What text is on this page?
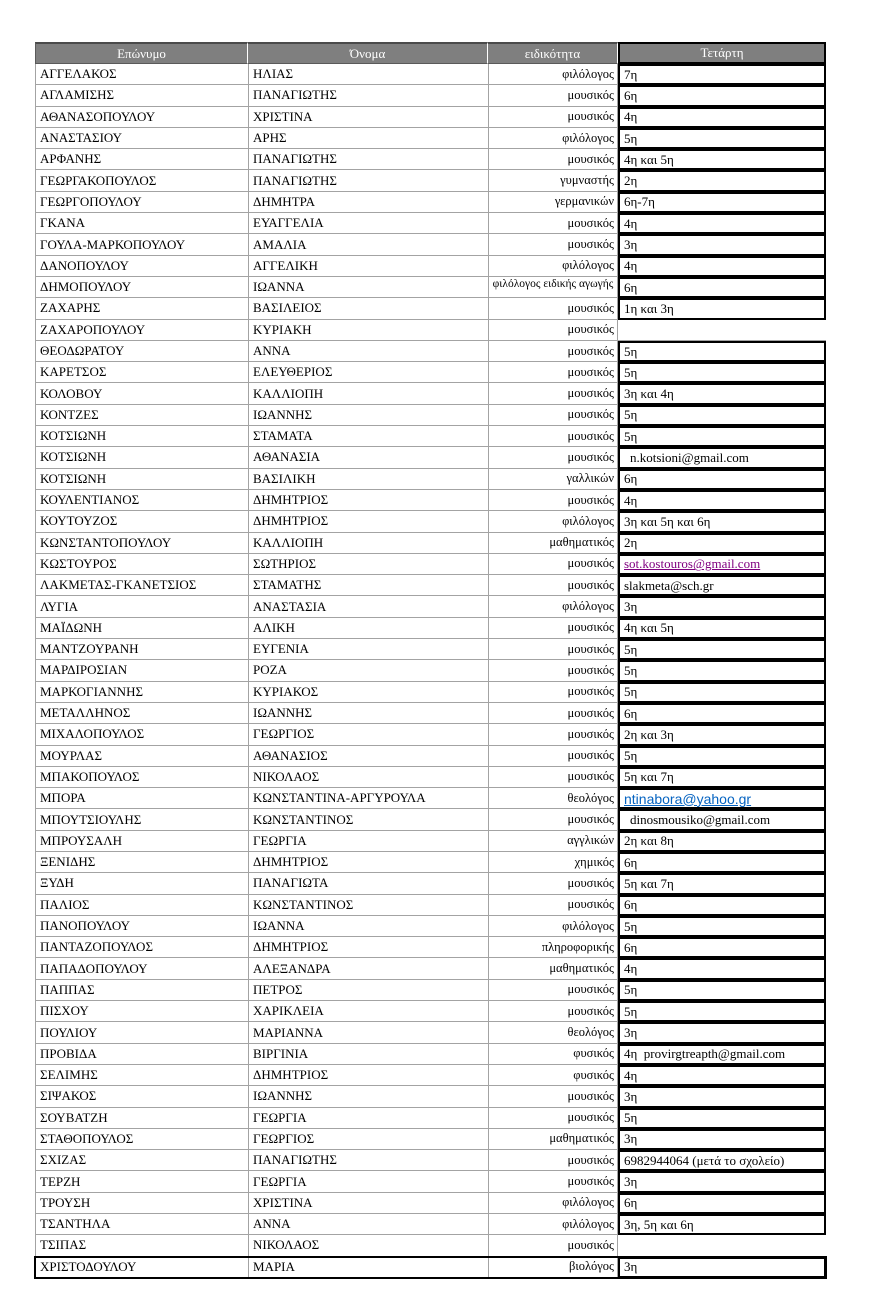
Επώνυμο	Όνομα	ειδικότητα	Τετάρτη
ΑΓΓΕΛΑΚΟΣ	ΗΛΙΑΣ	φιλόλογος 7η
ΑΓΛΑΜΙΣΗΣ	ΠΑΝΑΓΙΩΤΗΣ	μουσικός 6η
ΑΘΑΝΑΣΟΠΟΥΛΟΥ	ΧΡΙΣΤΙΝΑ	μουσικός 4η
ΑΝΑΣΤΑΣΙΟΥ	ΑΡΗΣ	φιλόλογος 5η
ΑΡΦΑΝΗΣ	ΠΑΝΑΓΙΩΤΗΣ	μουσικός 4η και 5η
ΓΕΩΡΓΑΚΟΠΟΥΛΟΣ	ΠΑΝΑΓΙΩΤΗΣ	γυμναστής 2η
ΓΕΩΡΓΟΠΟΥΛΟΥ	ΔΗΜΗΤΡΑ	γερμανικών 6η-7η
ΓΚΑΝΑ	ΕΥΑΓΓΕΛΙΑ	μουσικός 4η
ΓΟΥΛΑ-ΜΑΡΚΟΠΟΥΛΟΥ	ΑΜΑΛΙΑ	μουσικός 3η
ΔΑΝΟΠΟΥΛΟΥ	ΑΓΓΕΛΙΚΗ	φιλόλογος 4η
ΔΗΜΟΠΟΥΛΟΥ	ΙΩΑΝΝΑ	φιλόλογος ειδικής αγωγής 6η
ΖΑΧΑΡΗΣ	ΒΑΣΙΛΕΙΟΣ	μουσικός 1η και 3η
ΖΑΧΑΡΟΠΟΥΛΟΥ	ΚΥΡΙΑΚΗ	μουσικός
ΘΕΟΔΩΡΑΤΟΥ	ΑΝΝΑ	μουσικός 5η
ΚΑΡΕΤΣΟΣ	ΕΛΕΥΘΕΡΙΟΣ	μουσικός 5η
ΚΟΛΟΒΟΥ	ΚΑΛΛΙΟΠΗ	μουσικός 3η και 4η
ΚΟΝΤΖΕΣ	ΙΩΑΝΝΗΣ	μουσικός 5η
ΚΟΤΣΙΩΝΗ	ΣΤΑΜΑΤΑ	μουσικός 5η
ΚΟΤΣΙΩΝΗ	ΑΘΑΝΑΣΙΑ	μουσικός	n.kotsioni@gmail.com
ΚΟΤΣΙΩΝΗ	ΒΑΣΙΛΙΚΗ	γαλλικών 6η
ΚΟΥΛΕΝΤΙΑΝΟΣ	ΔΗΜΗΤΡΙΟΣ	μουσικός 4η
ΚΟΥΤΟΥΖΟΣ	ΔΗΜΗΤΡΙΟΣ	φιλόλογος 3η και 5η και 6η
ΚΩΝΣΤΑΝΤΟΠΟΥΛΟΥ	ΚΑΛΛΙΟΠΗ	μαθηματικός 2η
ΚΩΣΤΟΥΡΟΣ	ΣΩΤΗΡΙΟΣ	μουσικός sot.kostouros@gmail.com
ΛΑΚΜΕΤΑΣ-ΓΚΑΝΕΤΣΙΟΣ	ΣΤΑΜΑΤΗΣ	μουσικός slakmeta@sch.gr
ΛΥΓΙΑ	ΑΝΑΣΤΑΣΙΑ	φιλόλογος 3η
ΜΑΪΔΩΝΗ	ΑΛΙΚΗ	μουσικός 4η και 5η
ΜΑΝΤΖΟΥΡΑΝΗ	ΕΥΓΕΝΙΑ	μουσικός 5η
ΜΑΡΔΙΡΟΣΙΑΝ	ΡΟΖΑ	μουσικός 5η
ΜΑΡΚΟΓΙΑΝΝΗΣ	ΚΥΡΙΑΚΟΣ	μουσικός 5η
ΜΕΤΑΛΛΗΝΟΣ	ΙΩΑΝΝΗΣ	μουσικός 6η
ΜΙΧΑΛΟΠΟΥΛΟΣ	ΓΕΩΡΓΙΟΣ	μουσικός 2η και 3η
ΜΟΥΡΛΑΣ	ΑΘΑΝΑΣΙΟΣ	μουσικός 5η
ΜΠΑΚΟΠΟΥΛΟΣ	ΝΙΚΟΛΑΟΣ	μουσικός 5η και 7η
ΜΠΟΡΑ	ΚΩΝΣΤΑΝΤΙΝΑ-ΑΡΓΥΡΟΥΛΑ	θεολόγος ntinabora@yahoo.gr
ΜΠΟΥΤΣΙΟΥΛΗΣ	ΚΩΝΣΤΑΝΤΙΝΟΣ	μουσικός	dinosmousiko@gmail.com
ΜΠΡΟΥΣΑΛΗ	ΓΕΩΡΓΙΑ	αγγλικών 2η και 8η
ΞΕΝΙΔΗΣ	ΔΗΜΗΤΡΙΟΣ	χημικός 6η
ΞΥΔΗ	ΠΑΝΑΓΙΩΤΑ	μουσικός 5η και 7η
ΠΑΛΙΟΣ	ΚΩΝΣΤΑΝΤΙΝΟΣ	μουσικός 6η
ΠΑΝΟΠΟΥΛΟΥ	ΙΩΑΝΝΑ	φιλόλογος 5η
ΠΑΝΤΑΖΟΠΟΥΛΟΣ	ΔΗΜΗΤΡΙΟΣ	πληροφορικής 6η
ΠΑΠΑΔΟΠΟΥΛΟΥ	ΑΛΕΞΑΝΔΡΑ	μαθηματικός 4η
ΠΑΠΠΑΣ	ΠΕΤΡΟΣ	μουσικός 5η
ΠΙΣΧΟΥ	ΧΑΡΙΚΛΕΙΑ	μουσικός 5η
ΠΟΥΛΙΟΥ	ΜΑΡΙΑΝΝΑ	θεολόγος 3η
ΠΡΟΒΙΔΑ	ΒΙΡΓΙΝΙΑ	φυσικός 4η  provirgtreapth@gmail.com
ΣΕΛΙΜΗΣ	ΔΗΜΗΤΡΙΟΣ	φυσικός 4η
ΣΙΨΑΚΟΣ	ΙΩΑΝΝΗΣ	μουσικός 3η
ΣΟΥΒΑΤΖΗ	ΓΕΩΡΓΙΑ	μουσικός 5η
ΣΤΑΘΟΠΟΥΛΟΣ	ΓΕΩΡΓΙΟΣ	μαθηματικός 3η
ΣΧΙΖΑΣ	ΠΑΝΑΓΙΩΤΗΣ	μουσικός 6982944064 (μετά το σχολείο)
ΤΕΡΖΗ	ΓΕΩΡΓΙΑ	μουσικός 3η
ΤΡΟΥΣΗ	ΧΡΙΣΤΙΝΑ	φιλόλογος 6η
ΤΣΑΝΤΗΛΑ	ΑΝΝΑ	φιλόλογος 3η, 5η και 6η
ΤΣΙΠΑΣ	ΝΙΚΟΛΑΟΣ	μουσικός
ΧΡΙΣΤΟΔΟΥΛΟΥ	ΜΑΡΙΑ	βιολόγος 3η
